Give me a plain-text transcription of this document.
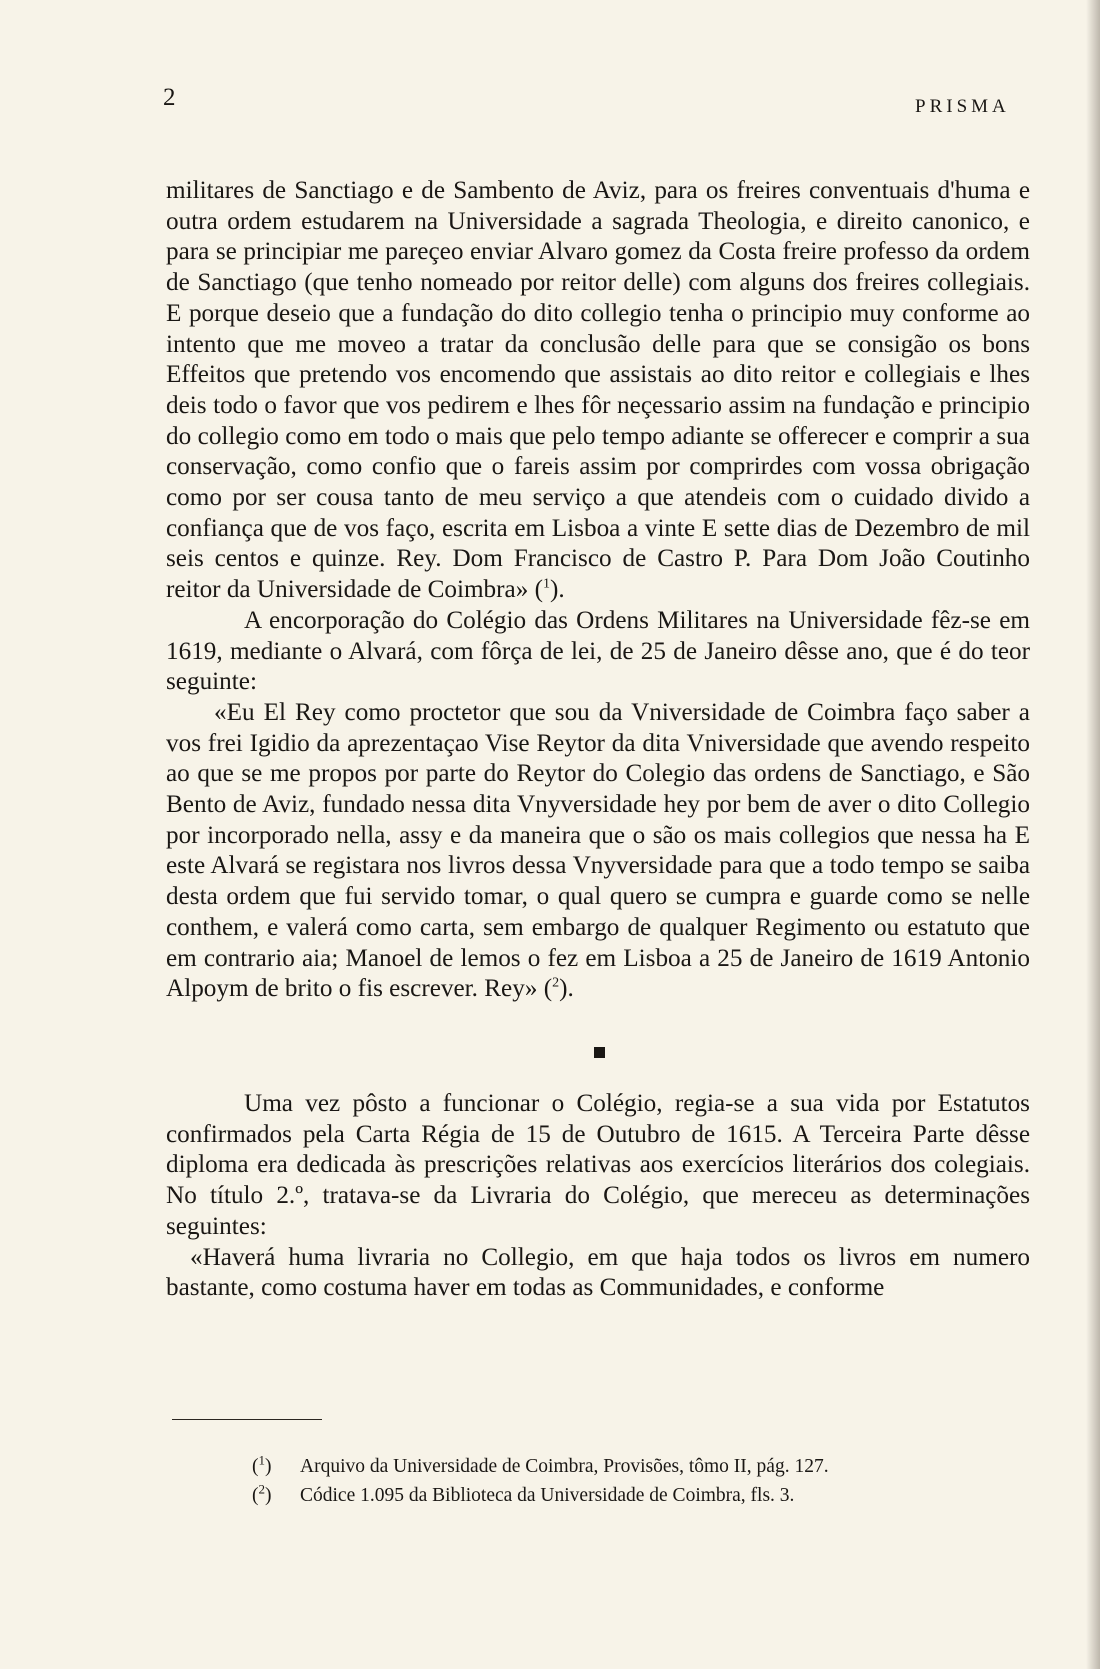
2	PRISMA

militares de Sanctiago e de Sambento de Aviz, para os freires conventuais d'huma e outra ordem estudarem na Universidade a sagrada Theologia, e direito canonico, e para se principiar me pareçeo enviar Alvaro gomez da Costa freire professo da ordem de Sanctiago (que tenho nomeado por reitor delle) com alguns dos freires collegiais. E porque deseio que a fundação do dito collegio tenha o principio muy conforme ao intento que me moveo a tratar da conclusão delle para que se consigão os bons Effeitos que pretendo vos encomendo que assistais ao dito reitor e collegiais e lhes deis todo o favor que vos pedirem e lhes fôr neçessario assim na fundação e principio do collegio como em todo o mais que pelo tempo adiante se offerecer e comprir a sua conservação, como confio que o fareis assim por comprirdes com vossa obrigação como por ser cousa tanto de meu serviço a que atendeis com o cuidado divido a confiança que de vos faço, escrita em Lisboa a vinte E sette dias de Dezembro de mil seis centos e quinze. Rey. Dom Francisco de Castro P. Para Dom João Coutinho reitor da Universidade de Coimbra» ($^1$).

A encorporação do Colégio das Ordens Militares na Universidade fêz-se em 1619, mediante o Alvará, com fôrça de lei, de 25 de Janeiro dêsse ano, que é do teor seguinte:

«Eu El Rey como proctetor que sou da Vniversidade de Coimbra faço saber a vos frei Igidio da aprezentaçao Vise Reytor da dita Vniversidade que avendo respeito ao que se me propos por parte do Reytor do Colegio das ordens de Sanctiago, e São Bento de Aviz, fundado nessa dita Vnyversidade hey por bem de aver o dito Collegio por incorporado nella, assy e da maneira que o são os mais collegios que nessa ha E este Alvará se registara nos livros dessa Vnyversidade para que a todo tempo se saiba desta ordem que fui servido tomar, o qual quero se cumpra e guarde como se nelle conthem, e valerá como carta, sem embargo de qualquer Regimento ou estatuto que em contrario aia; Manoel de lemos o fez em Lisboa a 25 de Janeiro de 1619 Antonio Alpoym de brito o fis escrever. Rey» ($^2$).

Uma vez pôsto a funcionar o Colégio, regia-se a sua vida por Estatutos confirmados pela Carta Régia de 15 de Outubro de 1615. A Terceira Parte dêsse diploma era dedicada às prescrições relativas aos exercícios literários dos colegiais. No título 2.º, tratava-se da Livraria do Colégio, que mereceu as determinações seguintes:

«Haverá huma livraria no Collegio, em que haja todos os livros em numero bastante, como costuma haver em todas as Communidades, e conforme

($^1$) Arquivo da Universidade de Coimbra, Provisões, tômo II, pág. 127.

($^2$) Códice 1.095 da Biblioteca da Universidade de Coimbra, fls. 3.
